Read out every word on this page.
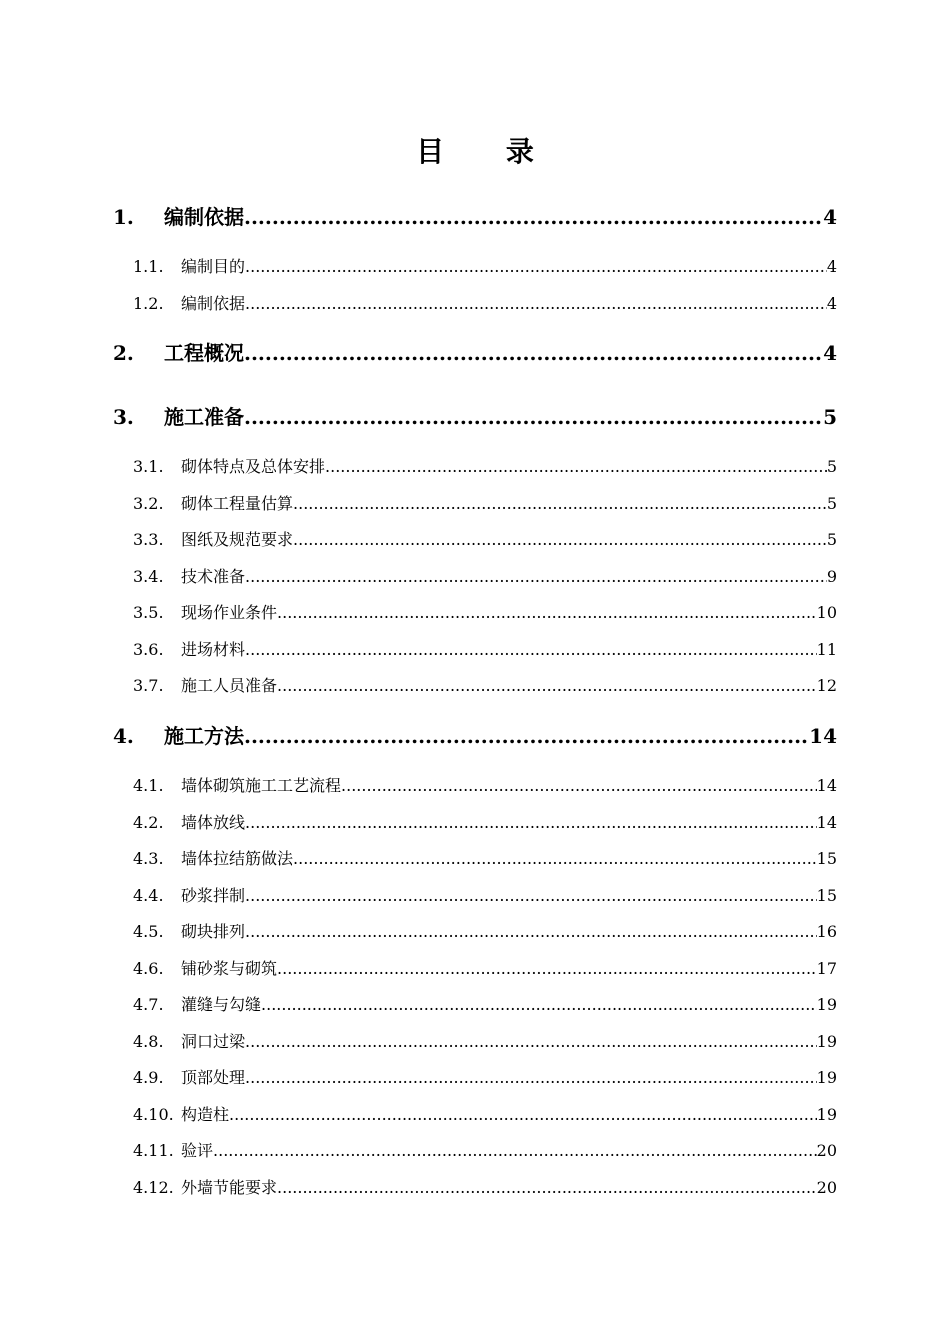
目 录
1.	编制依据 .....	4
1.1.	编制目的 .....	4
1.2.	编制依据 .....	4
2.	工程概况 .....	4
3.	施工准备 .....	5
3.1.	砌体特点及总体安排 .....	5
3.2.	砌体工程量估算 .....	5
3.3.	图纸及规范要求 .....	5
3.4.	技术准备 .....	9
3.5.	现场作业条件 .....	10
3.6.	进场材料 .....	11
3.7.	施工人员准备 .....	12
4.	施工方法 .....	14
4.1.	墙体砌筑施工工艺流程 .....	14
4.2.	墙体放线 .....	14
4.3.	墙体拉结筋做法 .....	15
4.4.	砂浆拌制 .....	15
4.5.	砌块排列 .....	16
4.6.	铺砂浆与砌筑 .....	17
4.7.	灌缝与勾缝 .....	19
4.8.	洞口过梁 .....	19
4.9.	顶部处理 .....	19
4.10. 构造柱 .....	19
4.11. 验评 .....	20
4.12. 外墙节能要求 .....	20
